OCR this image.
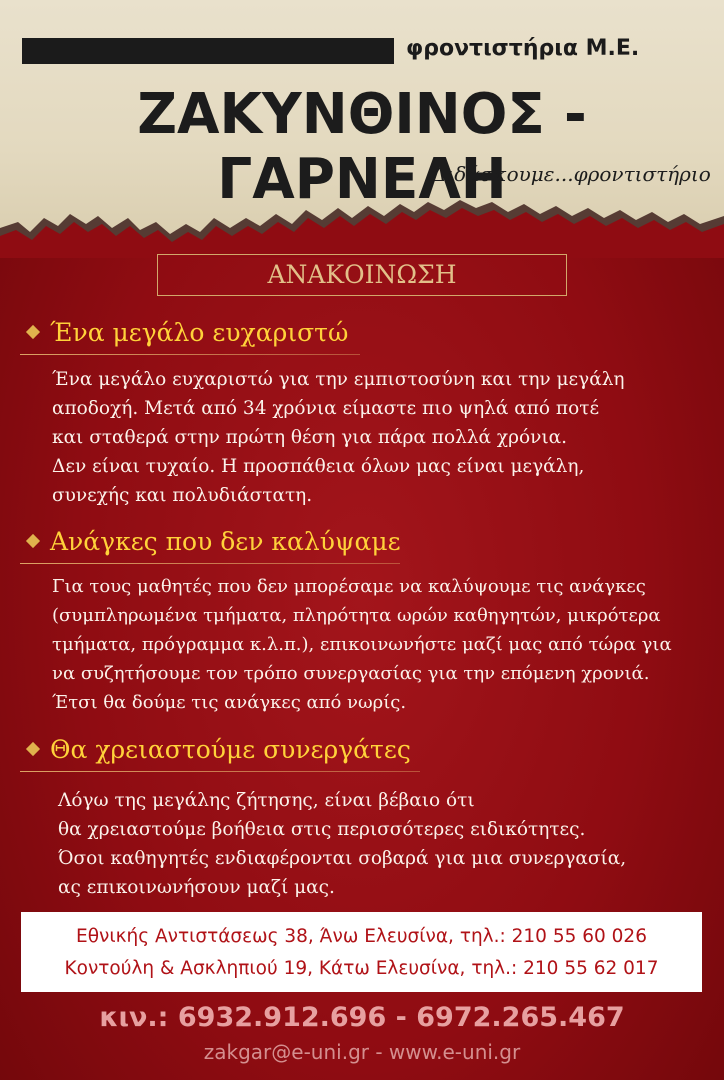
φροντιστήρια Μ.Ε.
ΖΑΚΥΝΘΙΝΟΣ - ΓΑΡΝΕΛΗ
Διδάσκουμε...φροντιστήριο
ΑΝΑΚΟΙΝΩΣΗ
Ένα μεγάλο ευχαριστώ
Ένα μεγάλο ευχαριστώ για την εμπιστοσύνη και την μεγάλη
αποδοχή. Μετά από 34 χρόνια είμαστε πιο ψηλά από ποτέ
και σταθερά στην πρώτη θέση για πάρα πολλά χρόνια.
Δεν είναι τυχαίο. Η προσπάθεια όλων μας είναι μεγάλη,
συνεχής και πολυδιάστατη.
Ανάγκες που δεν καλύψαμε
Για τους μαθητές που δεν μπορέσαμε να καλύψουμε τις ανάγκες
(συμπληρωμένα τμήματα, πληρότητα ωρών καθηγητών, μικρότερα
τμήματα, πρόγραμμα κ.λ.π.), επικοινωνήστε μαζί μας από τώρα για
να συζητήσουμε τον τρόπο συνεργασίας για την επόμενη χρονιά.
Έτσι θα δούμε τις ανάγκες από νωρίς.
Θα χρειαστούμε συνεργάτες
Λόγω της μεγάλης ζήτησης, είναι βέβαιο ότι
θα χρειαστούμε βοήθεια στις περισσότερες ειδικότητες.
Όσοι καθηγητές ενδιαφέρονται σοβαρά για μια συνεργασία,
ας επικοινωνήσουν μαζί μας.
Εθνικής Αντιστάσεως 38, Άνω Ελευσίνα, τηλ.: 210 55 60 026
Κοντούλη & Ασκληπιού 19, Κάτω Ελευσίνα, τηλ.: 210 55 62 017
κιν.: 6932.912.696 - 6972.265.467
zakgar@e-uni.gr - www.e-uni.gr
